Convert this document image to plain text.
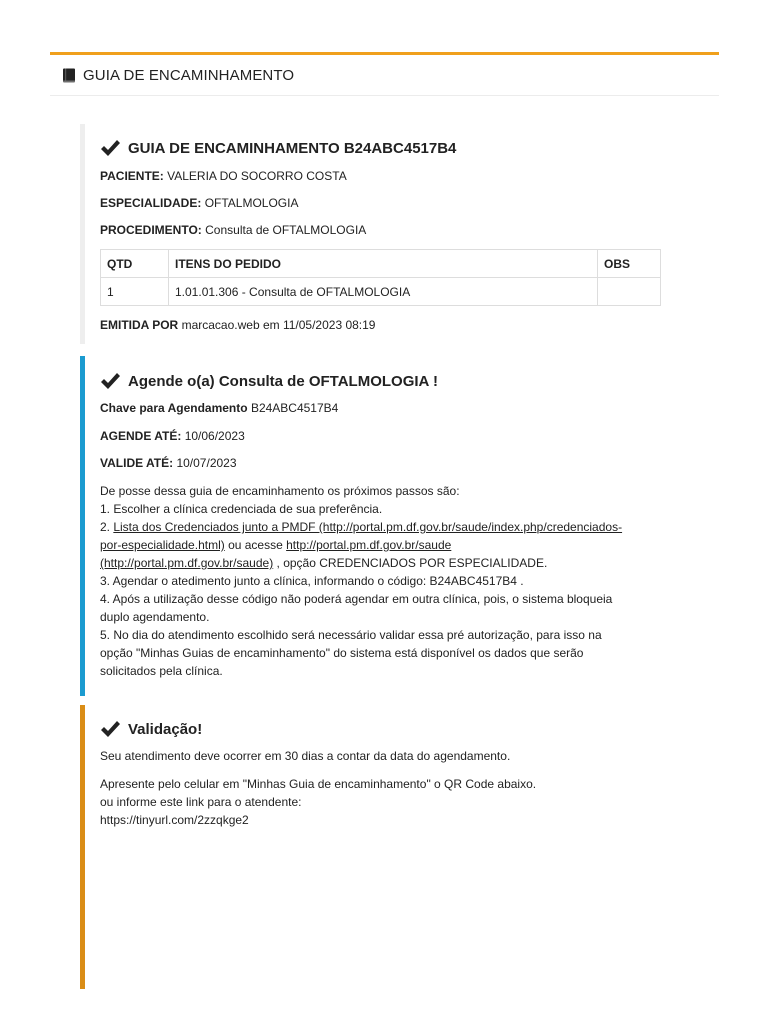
GUIA DE ENCAMINHAMENTO
GUIA DE ENCAMINHAMENTO B24ABC4517B4
PACIENTE: VALERIA DO SOCORRO COSTA
ESPECIALIDADE: OFTALMOLOGIA
PROCEDIMENTO: Consulta de OFTALMOLOGIA
QTD	ITENS DO PEDIDO	OBS
1	1.01.01.306 - Consulta de OFTALMOLOGIA	
EMITIDA POR marcacao.web em 11/05/2023 08:19
Agende o(a) Consulta de OFTALMOLOGIA !
Chave para Agendamento B24ABC4517B4
AGENDE ATÉ: 10/06/2023
VALIDE ATÉ: 10/07/2023
De posse dessa guia de encaminhamento os próximos passos são:
1. Escolher a clínica credenciada de sua preferência.
2. Lista dos Credenciados junto a PMDF (http://portal.pm.df.gov.br/saude/index.php/credenciados-
por-especialidade.html) ou acesse http://portal.pm.df.gov.br/saude
(http://portal.pm.df.gov.br/saude) , opção CREDENCIADOS POR ESPECIALIDADE.
3. Agendar o atedimento junto a clínica, informando o código: B24ABC4517B4 .
4. Após a utilização desse código não poderá agendar em outra clínica, pois, o sistema bloqueia
duplo agendamento.
5. No dia do atendimento escolhido será necessário validar essa pré autorização, para isso na
opção "Minhas Guias de encaminhamento" do sistema está disponível os dados que serão
solicitados pela clínica.
Validação!
Seu atendimento deve ocorrer em 30 dias a contar da data do agendamento.
Apresente pelo celular em "Minhas Guia de encaminhamento" o QR Code abaixo.
ou informe este link para o atendente:
https://tinyurl.com/2zzqkge2
